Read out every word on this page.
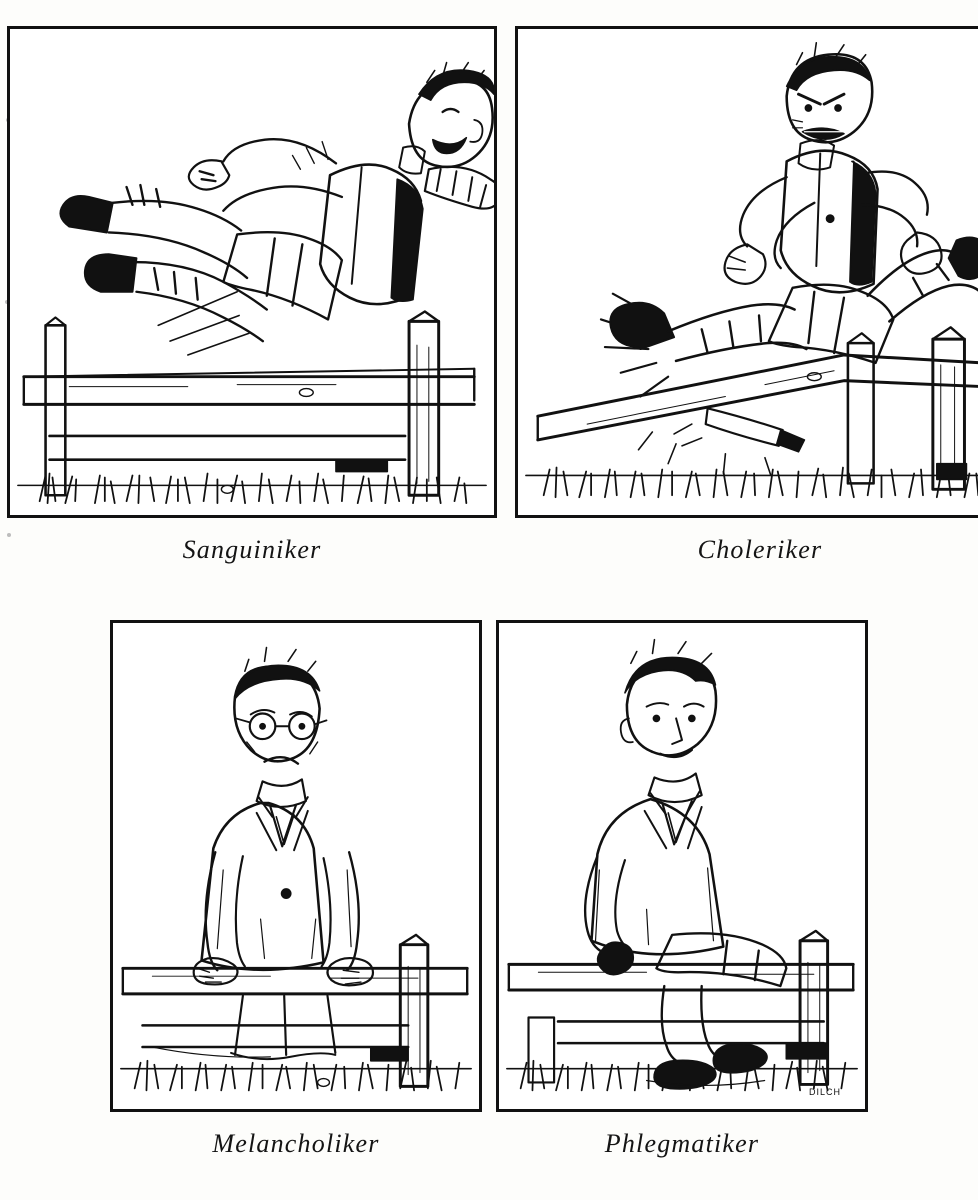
Sanguiniker	Choleriker
Melancholiker
DILCH
Phlegmatiker
